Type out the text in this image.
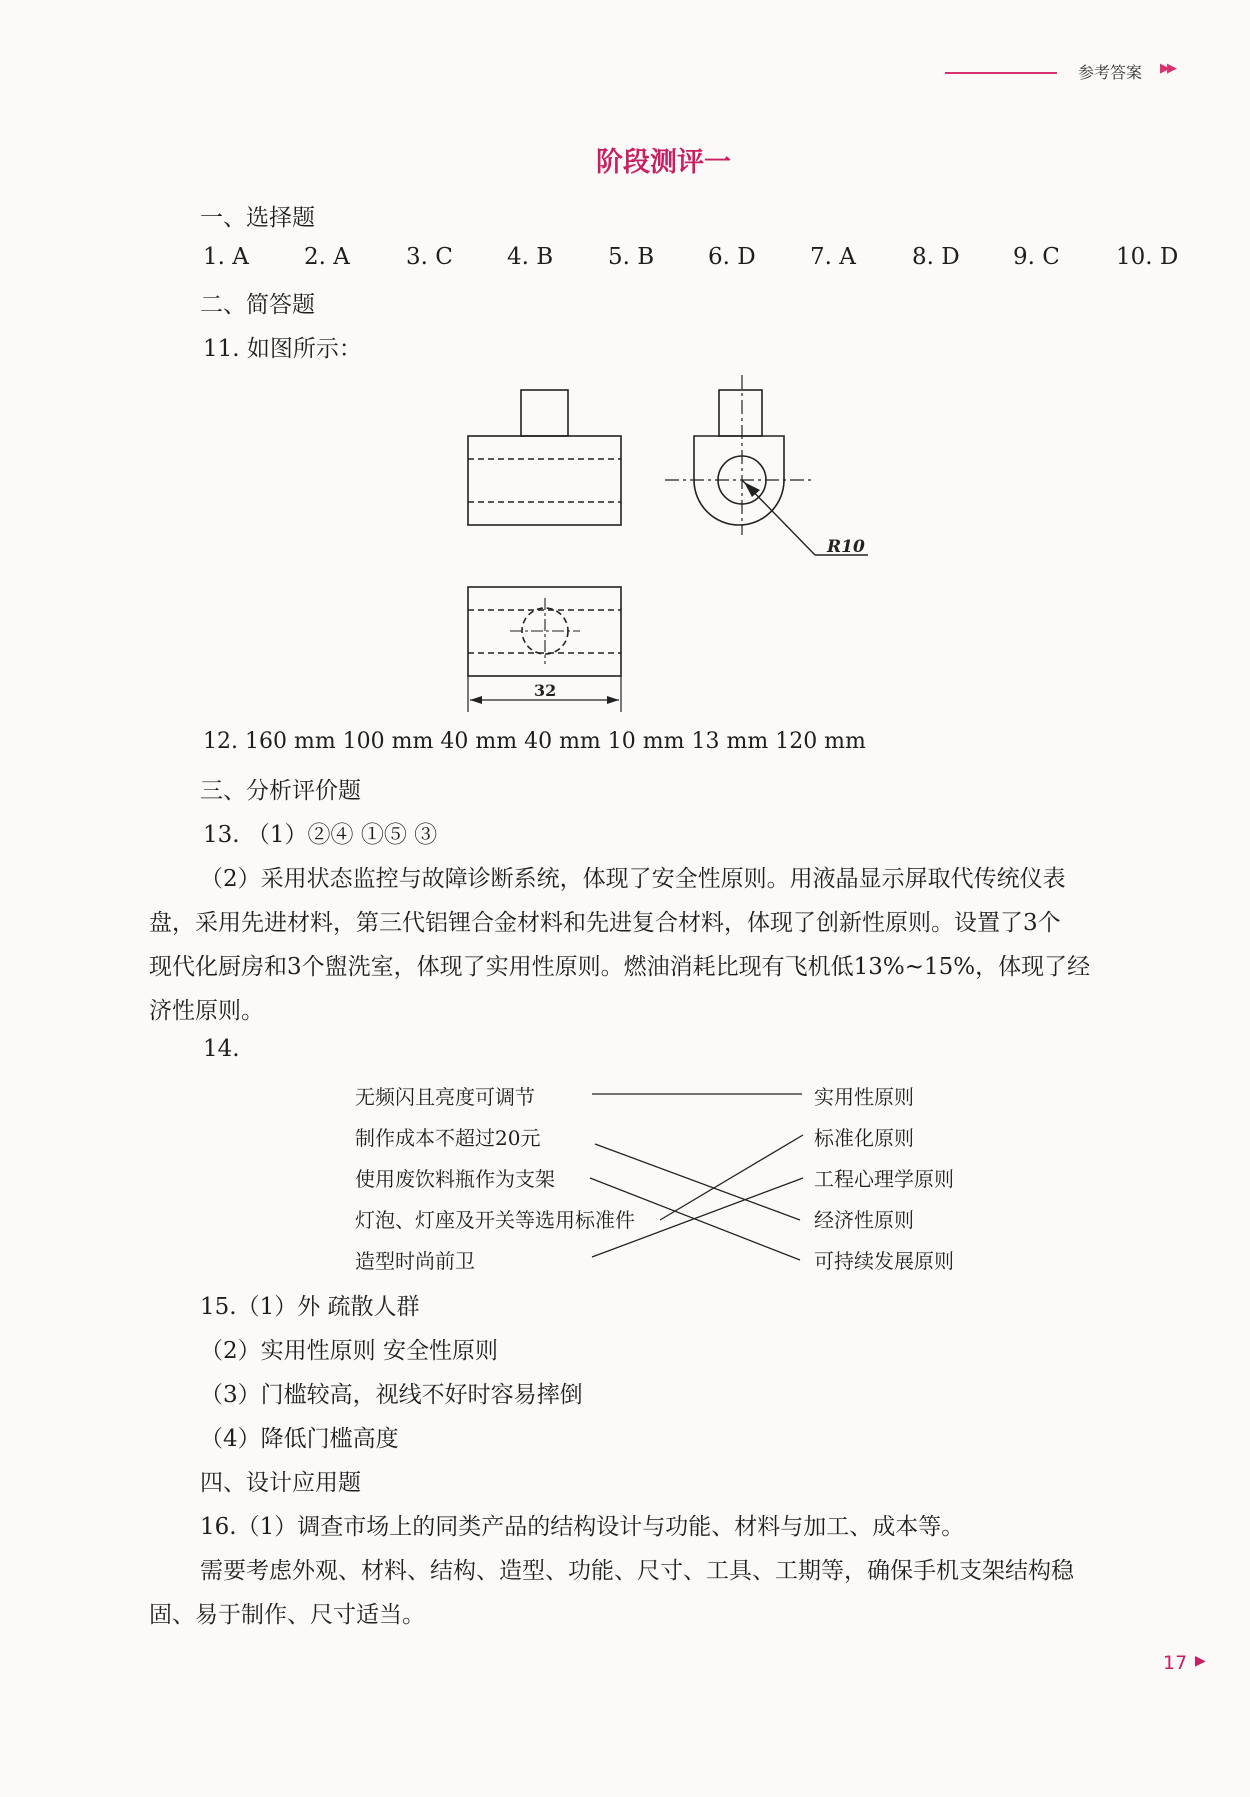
参考答案 ▶▶
阶段测评一
一、选择题
1. A 2. A 3. C 4. B 5. B 6. D 7. A 8. D 9. C 10. D
二、简答题
11. 如图所示：
R10
32
12. 160 mm 100 mm 40 mm 40 mm 10 mm 13 mm 120 mm
三、分析评价题
13. （1）②④ ①⑤ ③
（2）采用状态监控与故障诊断系统，体现了安全性原则。用液晶显示屏取代传统仪表
盘，采用先进材料，第三代铝锂合金材料和先进复合材料，体现了创新性原则。设置了3个
现代化厨房和3个盥洗室，体现了实用性原则。燃油消耗比现有飞机低13%~15%，体现了经
济性原则。
14.
无频闪且亮度可调节
制作成本不超过20元
使用废饮料瓶作为支架
灯泡、灯座及开关等选用标准件
造型时尚前卫
实用性原则
标准化原则
工程心理学原则
经济性原则
可持续发展原则
15.（1）外 疏散人群
（2）实用性原则 安全性原则
（3）门槛较高，视线不好时容易摔倒
（4）降低门槛高度
四、设计应用题
16.（1）调查市场上的同类产品的结构设计与功能、材料与加工、成本等。
需要考虑外观、材料、结构、造型、功能、尺寸、工具、工期等，确保手机支架结构稳
固、易于制作、尺寸适当。
17 ▶
